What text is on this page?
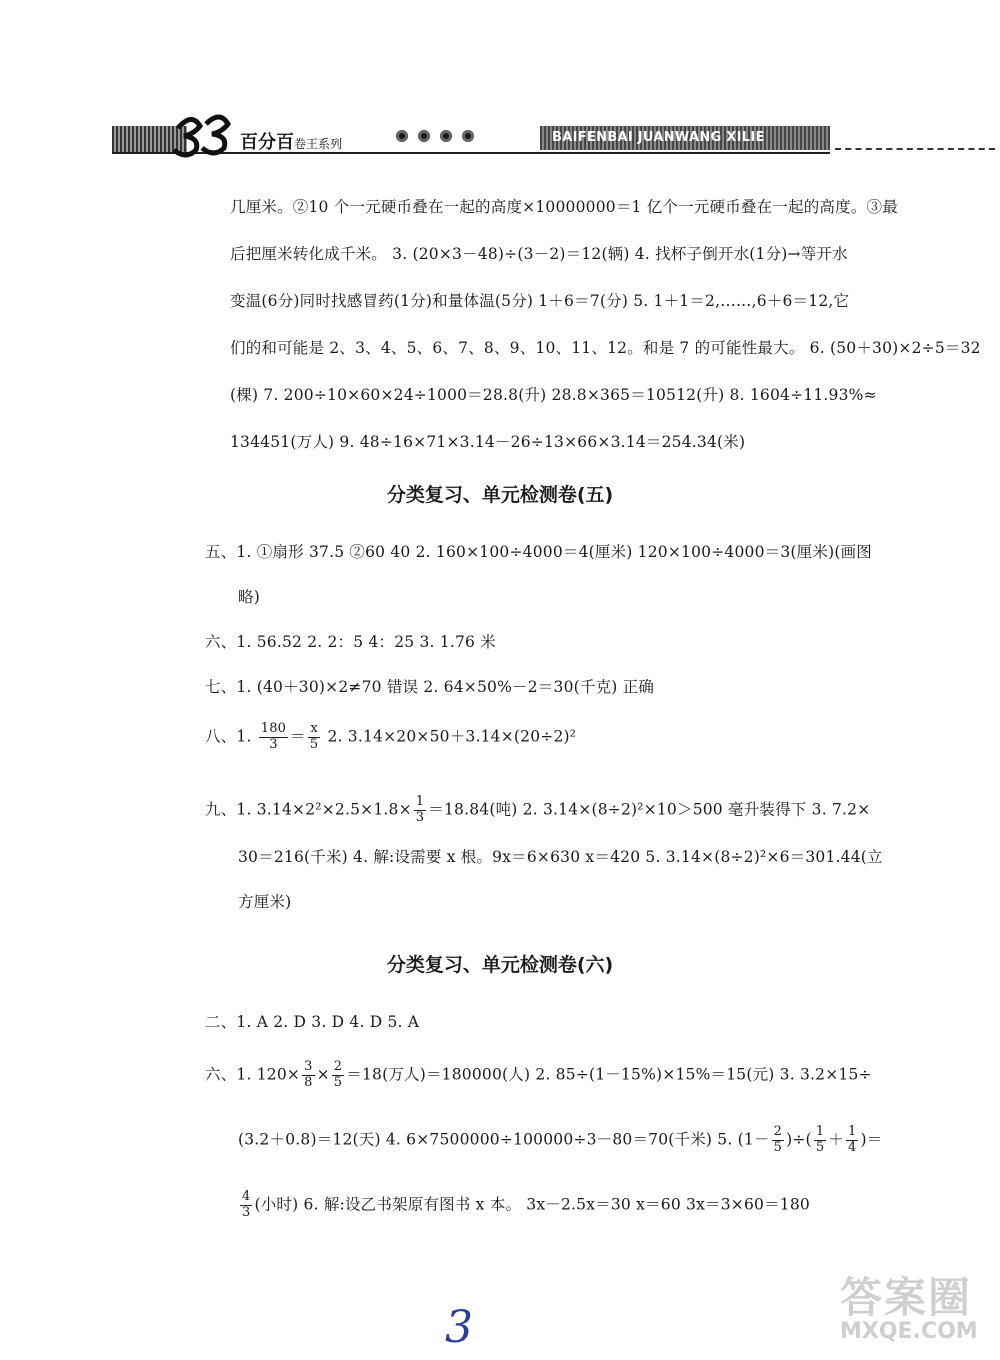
百分百卷王系列	BAIFENBAI JUANWANG XILIE
几厘米。②10 个一元硬币叠在一起的高度×10000000＝1 亿个一元硬币叠在一起的高度。③最
后把厘米转化成千米。 3. (20×3－48)÷(3－2)＝12(辆) 4. 找杯子倒开水(1分)→等开水
变温(6分)同时找感冒药(1分)和量体温(5分) 1＋6＝7(分) 5. 1＋1＝2,……,6＋6＝12,它
们的和可能是 2、3、4、5、6、7、8、9、10、11、12。和是 7 的可能性最大。 6. (50＋30)×2÷5＝32
(棵) 7. 200÷10×60×24÷1000＝28.8(升) 28.8×365＝10512(升) 8. 1604÷11.93%≈
134451(万人) 9. 48÷16×71×3.14－26÷13×66×3.14＝254.34(米)
分类复习、单元检测卷(五)
五、1. ①扇形 37.5 ②60 40 2. 160×100÷4000＝4(厘米) 120×100÷4000＝3(厘米)(画图
略)
六、1. 56.52 2. 2：5 4：25 3. 1.76 米
七、1. (40＋30)×2≠70 错误 2. 64×50%－2＝30(千克) 正确
八、1. $\frac{180}{3} = \frac{x}{5} 2$. 3.14×20×50＋3.14×(20÷2)²
九、1. $3.14\times 2^2\times 2.5\times 1.8\times \frac{1}{3} =18.84$(吨) 2. 3.14×(8÷2)²×10＞500 毫升装得下 3. 7.2×
30＝216(千米) 4. 解:设需要 x 根。9x＝6×630 x＝420 5. 3.14×(8÷2)²×6＝301.44(立
方厘米)
分类复习、单元检测卷(六)
二、1. A 2. D 3. D 4. D 5. A
六、1. $120\times \frac{3}{8} \times \frac{2}{5} =18$(万人)＝180000(人) 2. 85÷(1－15%)×15%＝15(元) 3. 3.2×15÷
(3.2＋0.8)＝12(天) 4. 6×7500000÷100000÷3－80＝70(千米) 5. ($1- \frac{2}{5}$ )÷( $\frac{1}{5} + \frac{1}{4}$ )＝
$\frac{4}{3}$ (小时) 6. 解:设乙书架原有图书 x 本。 3x－2.5x＝30 x＝60 3x＝3×60＝180
3
答案圈
MXQE.COM
